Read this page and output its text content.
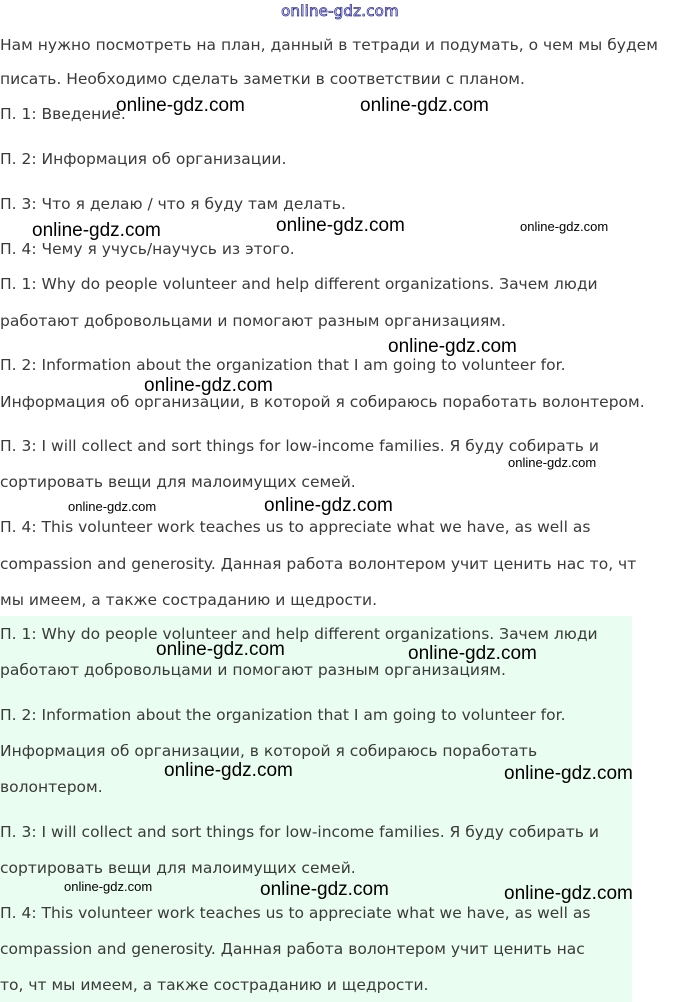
online-gdz.com
Нам нужно посмотреть на план, данный в тетради и подумать, о чем мы будем
писать. Необходимо сделать заметки в соответствии с планом.
П. 1: Введение.
П. 2: Информация об организации.
П. 3: Что я делаю / что я буду там делать.
П. 4: Чему я учусь/научусь из этого.
П. 1: Why do people volunteer and help different organizations. Зачем люди
работают добровольцами и помогают разным организациям.
П. 2: Information about the organization that I am going to volunteer for.
Информация об организации, в которой я собираюсь поработать волонтером.
П. 3: I will collect and sort things for low-income families. Я буду собирать и
сортировать вещи для малоимущих семей.
П. 4: This volunteer work teaches us to appreciate what we have, as well as
compassion and generosity. Данная работа волонтером учит ценить нас то, чт
мы имеем, а также состраданию и щедрости.
П. 1: Why do people volunteer and help different organizations. Зачем люди
работают добровольцами и помогают разным организациям.
П. 2: Information about the organization that I am going to volunteer for.
Информация об организации, в которой я собираюсь поработать
волонтером.
П. 3: I will collect and sort things for low-income families. Я буду собирать и
сортировать вещи для малоимущих семей.
П. 4: This volunteer work teaches us to appreciate what we have, as well as
compassion and generosity. Данная работа волонтером учит ценить нас
то, чт мы имеем, а также состраданию и щедрости.
online-gdz.com	online-gdz.com
online-gdz.com	online-gdz.com	online-gdz.com
online-gdz.com
online-gdz.com
online-gdz.com
online-gdz.com	online-gdz.com
online-gdz.com	online-gdz.com
online-gdz.com	online-gdz.com
online-gdz.com	online-gdz.com	online-gdz.com
